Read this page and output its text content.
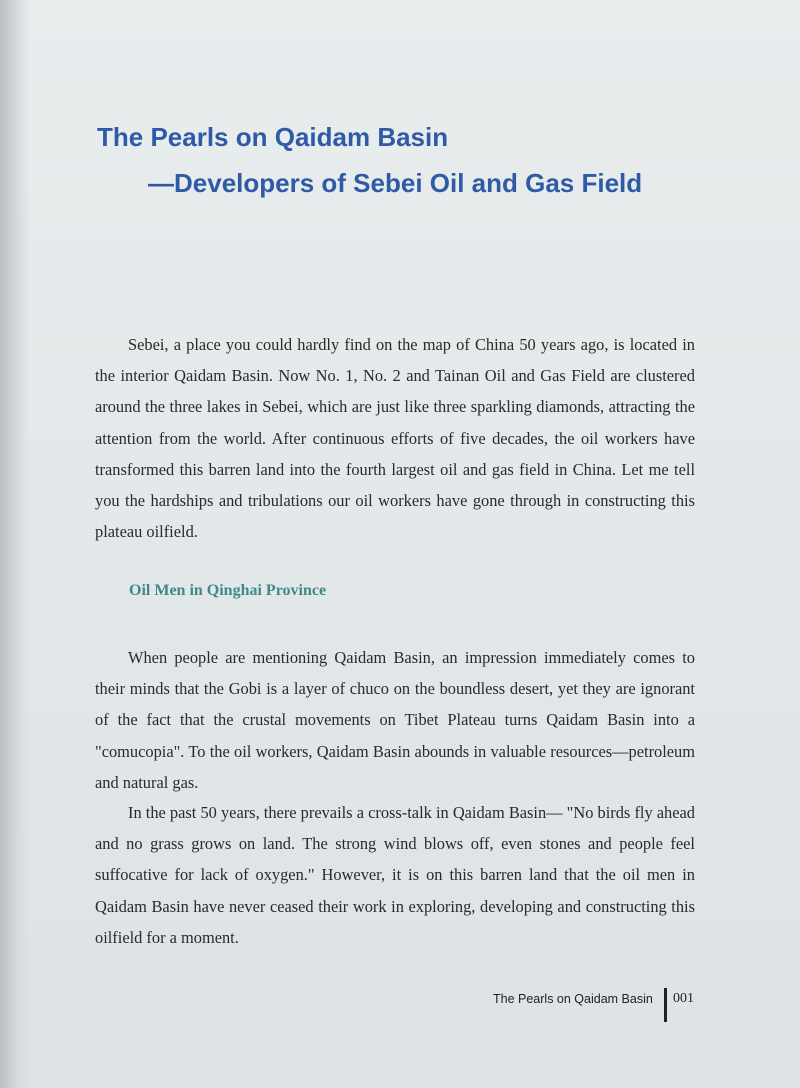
The Pearls on Qaidam Basin
—Developers of Sebei Oil and Gas Field

Sebei, a place you could hardly find on the map of China 50 years ago, is located in the interior Qaidam Basin. Now No. 1, No. 2 and Tainan Oil and Gas Field are clustered around the three lakes in Sebei, which are just like three sparkling diamonds, attracting the attention from the world. After continuous efforts of five decades, the oil workers have transformed this barren land into the fourth largest oil and gas field in China. Let me tell you the hardships and tribulations our oil workers have gone through in constructing this plateau oilfield.

Oil Men in Qinghai Province

When people are mentioning Qaidam Basin, an impression immediately comes to their minds that the Gobi is a layer of chuco on the boundless desert, yet they are ignorant of the fact that the crustal movements on Tibet Plateau turns Qaidam Basin into a "comucopia". To the oil workers, Qaidam Basin abounds in valuable resources—petroleum and natural gas.

In the past 50 years, there prevails a cross-talk in Qaidam Basin— "No birds fly ahead and no grass grows on land. The strong wind blows off, even stones and people feel suffocative for lack of oxygen." However, it is on this barren land that the oil men in Qaidam Basin have never ceased their work in exploring, developing and constructing this oilfield for a moment.

The Pearls on Qaidam Basin 001
